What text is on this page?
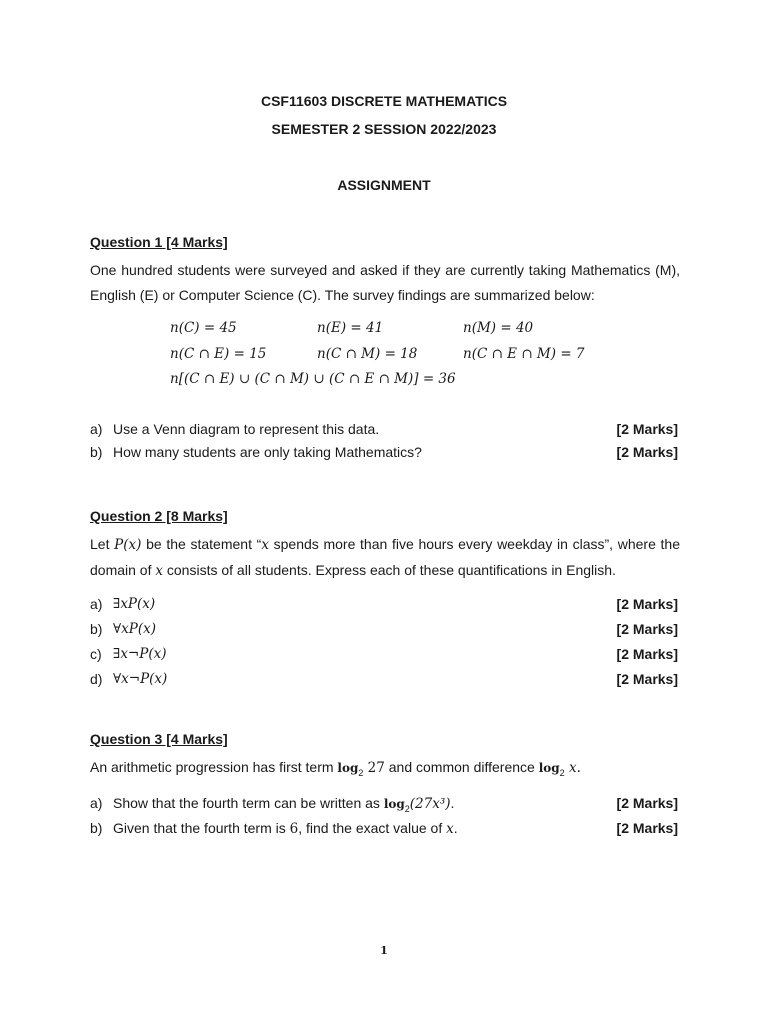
CSF11603 DISCRETE MATHEMATICS
SEMESTER 2 SESSION 2022/2023
ASSIGNMENT
Question 1 [4 Marks]
One hundred students were surveyed and asked if they are currently taking Mathematics (M), English (E) or Computer Science (C). The survey findings are summarized below:
n(C) = 45	n(E) = 41	n(M) = 40
n(C ∩ E) = 15	n(C ∩ M) = 18	n(C ∩ E ∩ M) = 7
n[(C ∩ E) ∪ (C ∩ M) ∪ (C ∩ E ∩ M)] = 36
a) Use a Venn diagram to represent this data.	[2 Marks]
b) How many students are only taking Mathematics?	[2 Marks]
Question 2 [8 Marks]
Let P(x) be the statement “x spends more than five hours every weekday in class”, where the domain of x consists of all students. Express each of these quantifications in English.
a) ∃xP(x)	[2 Marks]
b) ∀xP(x)	[2 Marks]
c) ∃x¬P(x)	[2 Marks]
d) ∀x¬P(x)	[2 Marks]
Question 3 [4 Marks]
An arithmetic progression has first term $\log_2 27$ and common difference $\log_2 x$.
a) Show that the fourth term can be written as $\log_2(27x^3)$.	[2 Marks]
b) Given that the fourth term is 6, find the exact value of x.	[2 Marks]
1
